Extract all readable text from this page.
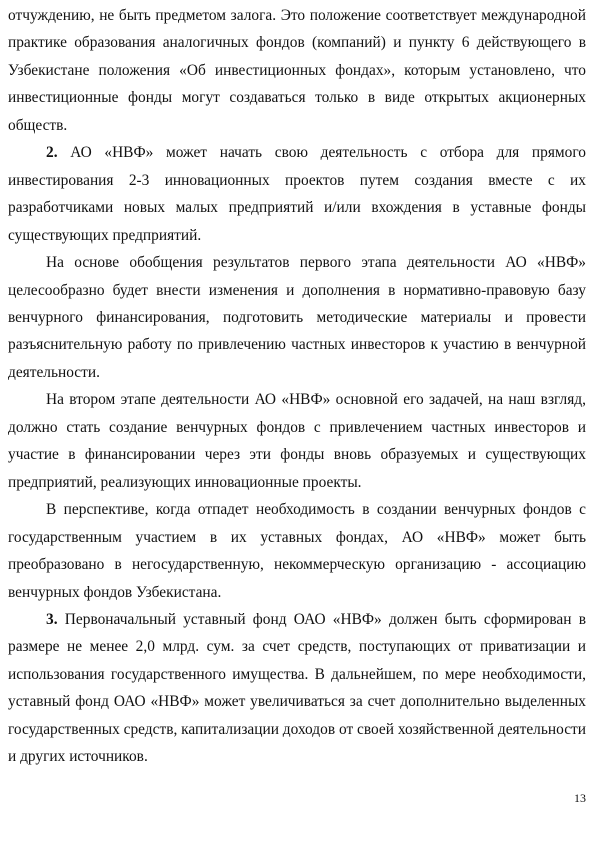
отчуждению, не быть предметом залога. Это положение соответствует международной практике образования аналогичных фондов (компаний) и пункту 6 действующего в Узбекистане положения «Об инвестиционных фондах», которым установлено, что инвестиционные фонды могут создаваться только в виде открытых акционерных обществ.

2. АО «НВФ» может начать свою деятельность с отбора для прямого инвестирования 2-3 инновационных проектов путем создания вместе с их разработчиками новых малых предприятий и/или вхождения в уставные фонды существующих предприятий.

На основе обобщения результатов первого этапа деятельности АО «НВФ» целесообразно будет внести изменения и дополнения в нормативно-правовую базу венчурного финансирования, подготовить методические материалы и провести разъяснительную работу по привлечению частных инвесторов к участию в венчурной деятельности.

На втором этапе деятельности АО «НВФ» основной его задачей, на наш взгляд, должно стать создание венчурных фондов с привлечением частных инвесторов и участие в финансировании через эти фонды вновь образуемых и существующих предприятий, реализующих инновационные проекты.

В перспективе, когда отпадет необходимость в создании венчурных фондов с государственным участием в их уставных фондах, АО «НВФ» может быть преобразовано в негосударственную, некоммерческую организацию - ассоциацию венчурных фондов Узбекистана.

3. Первоначальный уставный фонд ОАО «НВФ» должен быть сформирован в размере не менее 2,0 млрд. сум. за счет средств, поступающих от приватизации и использования государственного имущества. В дальнейшем, по мере необходимости, уставный фонд ОАО «НВФ» может увеличиваться за счет дополнительно выделенных государственных средств, капитализации доходов от своей хозяйственной деятельности и других источников.

13
